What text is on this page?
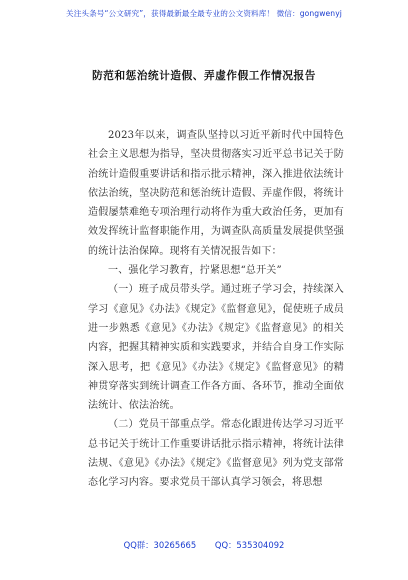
关注头条号“公文研究”，获得最新最全最专业的公文资料库！ 微信：gongwenyj
防范和惩治统计造假、弄虚作假工作情况报告

2023年以来，调查队坚持以习近平新时代中国特色社会主义思想为指导，坚决贯彻落实习近平总书记关于防治统计造假重要讲话和指示批示精神，深入推进依法统计依法治统，坚决防范和惩治统计造假、弄虚作假，将统计造假屡禁难绝专项治理行动将作为重大政治任务，更加有效发挥统计监督职能作用，为调查队高质量发展提供坚强的统计法治保障。现将有关情况报告如下：

一、强化学习教育，拧紧思想“总开关”

（一）班子成员带头学。通过班子学习会，持续深入学习《意见》《办法》《规定》《监督意见》，促使班子成员进一步熟悉《意见》《办法》《规定》《监督意见》的相关内容，把握其精神实质和实践要求，并结合自身工作实际深入思考，把《意见》《办法》《规定》《监督意见》的精神贯穿落实到统计调查工作各方面、各环节，推动全面依法统计、依法治统。

（二）党员干部重点学。常态化跟进传达学习习近平总书记关于统计工作重要讲话批示指示精神，将统计法律法规、《意见》《办法》《规定》《监督意见》列为党支部常态化学习内容。要求党员干部认真学习领会，将思想

QQ群：30265665 QQ：535304092
